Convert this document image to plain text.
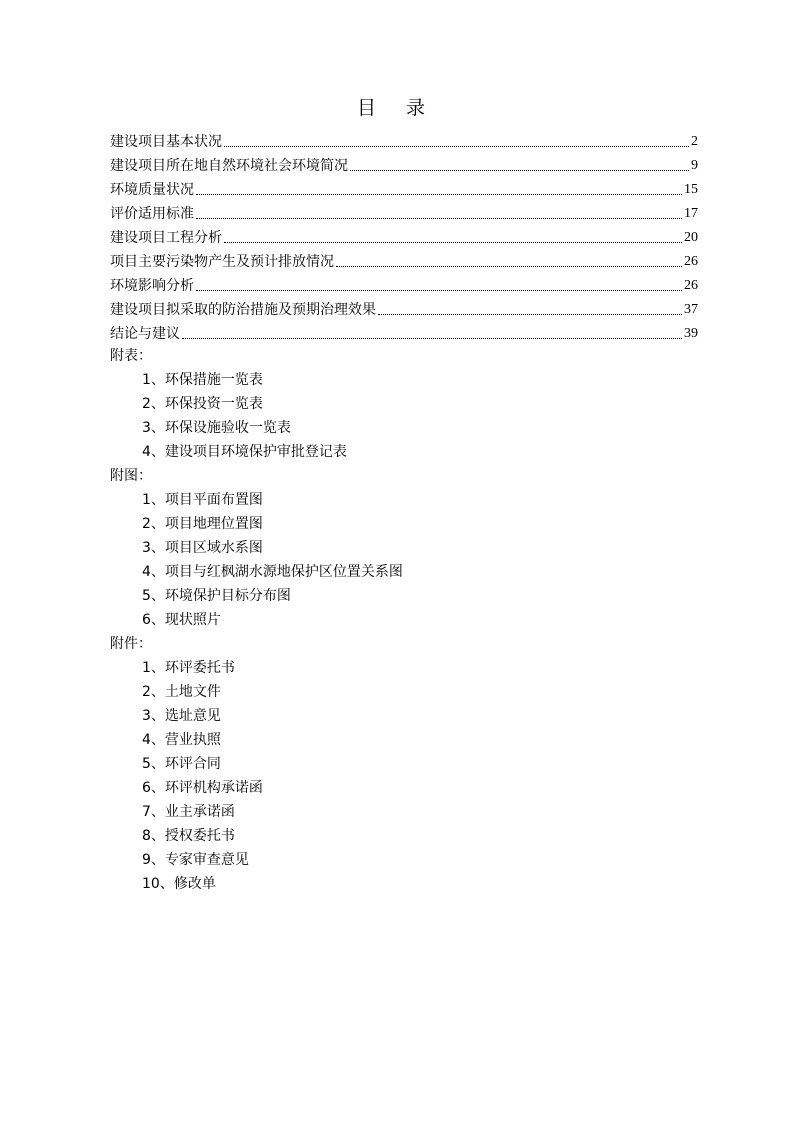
目 录
建设项目基本状况	2
建设项目所在地自然环境社会环境简况	9
环境质量状况	15
评价适用标准	17
建设项目工程分析	20
项目主要污染物产生及预计排放情况	26
环境影响分析	26
建设项目拟采取的防治措施及预期治理效果	37
结论与建议	39
附表：
1、环保措施一览表
2、环保投资一览表
3、环保设施验收一览表
4、建设项目环境保护审批登记表
附图：
1、项目平面布置图
2、项目地理位置图
3、项目区域水系图
4、项目与红枫湖水源地保护区位置关系图
5、环境保护目标分布图
6、现状照片
附件：
1、环评委托书
2、土地文件
3、选址意见
4、营业执照
5、环评合同
6、环评机构承诺函
7、业主承诺函
8、授权委托书
9、专家审查意见
10、修改单
